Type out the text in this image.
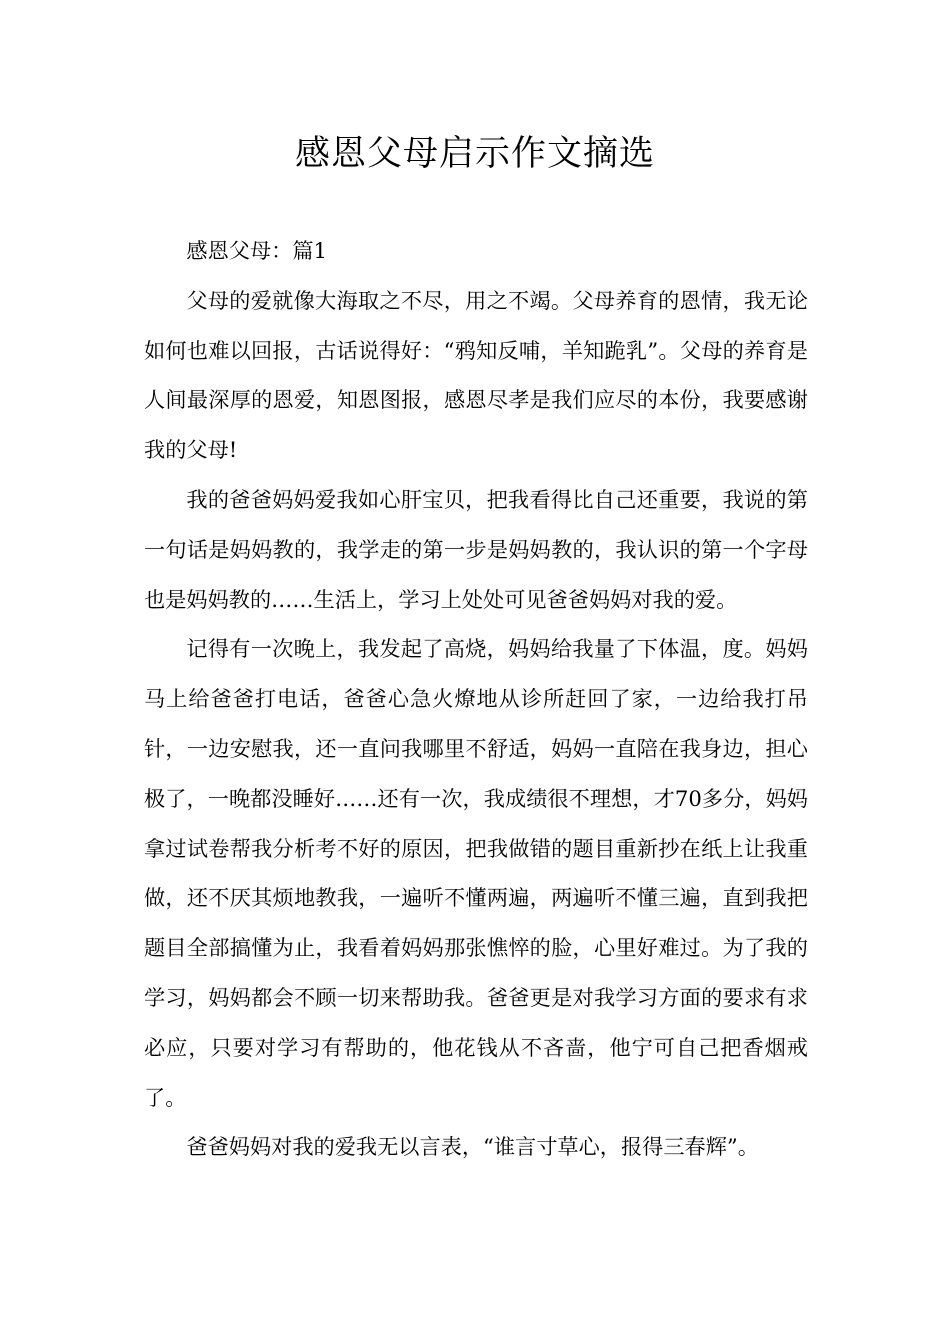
感恩父母启示作文摘选

感恩父母：篇1

父母的爱就像大海取之不尽，用之不竭。父母养育的恩情，我无论如何也难以回报，古话说得好：“鸦知反哺，羊知跪乳”。父母的养育是人间最深厚的恩爱，知恩图报，感恩尽孝是我们应尽的本份，我要感谢我的父母!

我的爸爸妈妈爱我如心肝宝贝，把我看得比自己还重要，我说的第一句话是妈妈教的，我学走的第一步是妈妈教的，我认识的第一个字母也是妈妈教的……生活上，学习上处处可见爸爸妈妈对我的爱。

记得有一次晚上，我发起了高烧，妈妈给我量了下体温，度。妈妈马上给爸爸打电话，爸爸心急火燎地从诊所赶回了家，一边给我打吊针，一边安慰我，还一直问我哪里不舒适，妈妈一直陪在我身边，担心极了，一晚都没睡好……还有一次，我成绩很不理想，才70多分，妈妈拿过试卷帮我分析考不好的原因，把我做错的题目重新抄在纸上让我重做，还不厌其烦地教我，一遍听不懂两遍，两遍听不懂三遍，直到我把题目全部搞懂为止，我看着妈妈那张憔悴的脸，心里好难过。为了我的学习，妈妈都会不顾一切来帮助我。爸爸更是对我学习方面的要求有求必应，只要对学习有帮助的，他花钱从不吝啬，他宁可自己把香烟戒了。

爸爸妈妈对我的爱我无以言表，“谁言寸草心，报得三春辉”。
